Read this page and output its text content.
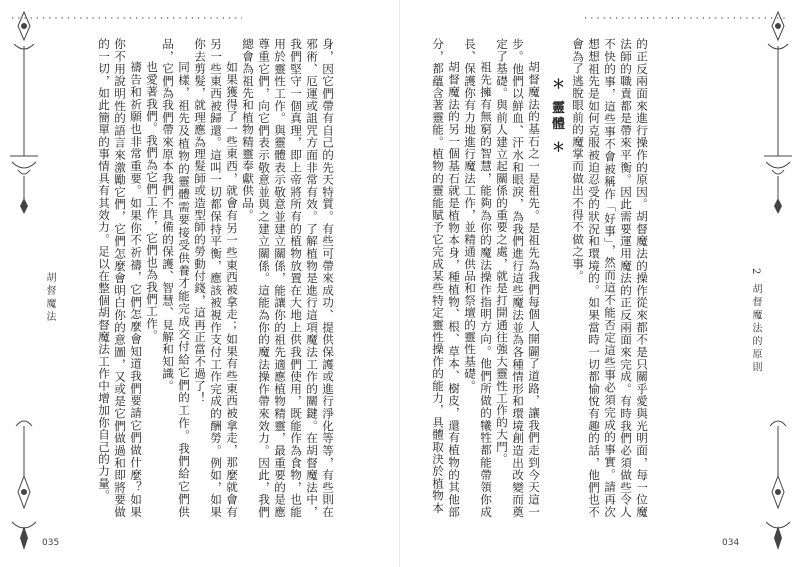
胡督魔法	身，因它們帶有自己的先天特質。有些可帶來成功、提供保護或進行淨化等等，有些則在邪術、厄運或詛咒方面非常有效。了解植物是進行這項魔法工作的關鍵。在胡督魔法中，我們堅守一個真理，即上帝將所有的植物放置在大地上供我們使用，既能作為食物，也能用於靈性工作。與靈體表示敬意並建立關係，能讓你的祖先適應植物精靈，最重要的是應尊重它們，向它們表示敬意並與之建立關係。這能為你的魔法操作帶來效力。因此，我們總會為祖先和植物精靈奉獻供品。

如果獲得了一些東西，就會有另一些東西被拿走；如果有些東西被拿走，那麼就會有另一些東西被歸還。這叫一切都保持平衡，應該被視作支付工作完成的酬勞。例如，如果你去剪髮，就理應為理髮師或造型師的勞動付錢，這再正當不過了！

同樣，祖先及植物的靈體需要接受供養才能完成交付給它們的工作。我們給它們供品，它們為我們帶來原本我們不具備的保護、智慧、見解和知識。

也愛著我們。我們為它們工作，它們也為我們工作。

禱告和祈願也非常重要。如果你不祈禱，它們怎麼會知道我們要請它們做什麼？如果你不用說明性的語言來激勵它們，它們怎麼會明白你的意圖，又或是它們做過和即將要做的一切，如此簡單的事情具有其效力。足以在整個胡督魔法工作中增加你自己的力量。

035
2 胡督魔法的原則

的正反兩面來進行操作的原因。胡督魔法的操作從來都不是只關乎愛與光明面，每一位魔法師的職責都是帶來平衡。因此需要運用魔法的正反兩面來完成。有時我們必須做些令人不快的事，這些事不會被稱作「好事」，然而這不能否定這些事必須完成的事實。請再次想想祖先是如何克服被迫忍受的狀況和環境的。如果當時一切都愉悅有趣的話，他們也不會為了逃脫眼前的魔掌而做出不得不做之事。

＊ 靈體 ＊

胡督魔法的基石之一是祖先。是祖先為我們每個人開闢了道路，讓我們走到今天這一步。他們以鮮血、汗水和眼淚，為我們進行這些魔法並為各種情形和環境創造出改變而奠定了基礎。與前人建立起關係的重要之處，就是打開通往強大靈性工作的大門。

祖先擁有無窮的智慧，能夠為你的魔法操作指明方向。他們所做的犧牲都能帶領你成長、保護你有力地進行魔法工作，並精通供品和祭壇的靈性基礎。

胡督魔法的另一個基石就是植物本身，種植物、根、草本、樹皮，還有植物的其他部分，都蘊含著靈能。植物的靈能賦予它完成某些特定靈性操作的能力，具體取決於植物本

034
